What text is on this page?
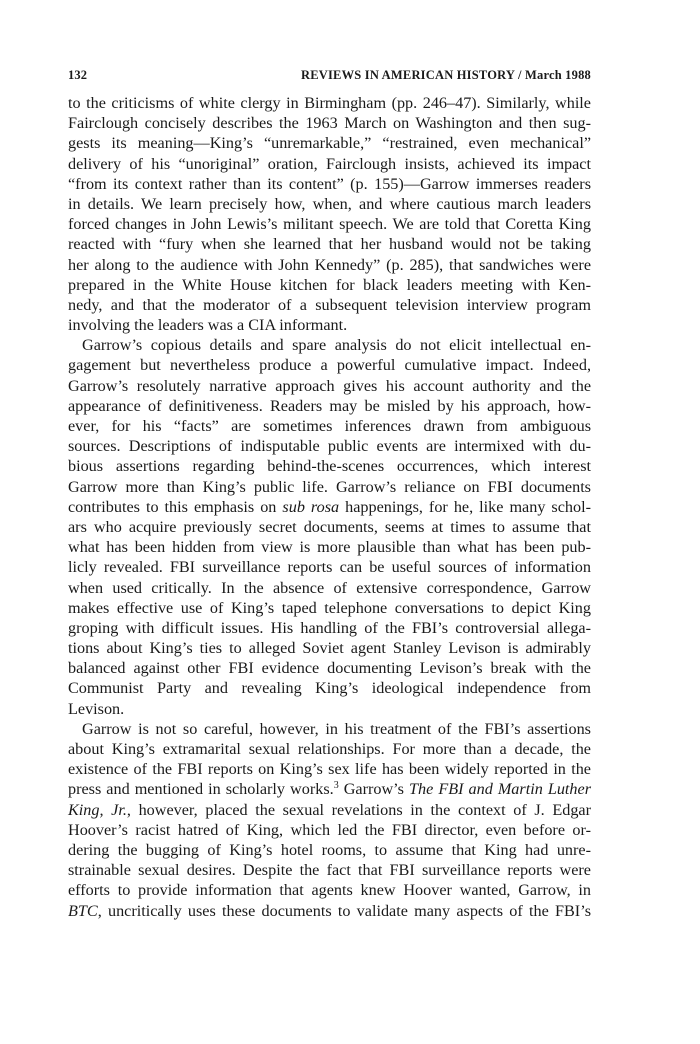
132	REVIEWS IN AMERICAN HISTORY / March 1988
to the criticisms of white clergy in Birmingham (pp. 246–47). Similarly, while
Fairclough concisely describes the 1963 March on Washington and then sug-
gests its meaning—King’s “unremarkable,” “restrained, even mechanical”
delivery of his “unoriginal” oration, Fairclough insists, achieved its impact
“from its context rather than its content” (p. 155)—Garrow immerses readers
in details. We learn precisely how, when, and where cautious march leaders
forced changes in John Lewis’s militant speech. We are told that Coretta King
reacted with “fury when she learned that her husband would not be taking
her along to the audience with John Kennedy” (p. 285), that sandwiches were
prepared in the White House kitchen for black leaders meeting with Ken-
nedy, and that the moderator of a subsequent television interview program
involving the leaders was a CIA informant.
Garrow’s copious details and spare analysis do not elicit intellectual en-
gagement but nevertheless produce a powerful cumulative impact. Indeed,
Garrow’s resolutely narrative approach gives his account authority and the
appearance of definitiveness. Readers may be misled by his approach, how-
ever, for his “facts” are sometimes inferences drawn from ambiguous
sources. Descriptions of indisputable public events are intermixed with du-
bious assertions regarding behind-the-scenes occurrences, which interest
Garrow more than King’s public life. Garrow’s reliance on FBI documents
contributes to this emphasis on sub rosa happenings, for he, like many schol-
ars who acquire previously secret documents, seems at times to assume that
what has been hidden from view is more plausible than what has been pub-
licly revealed. FBI surveillance reports can be useful sources of information
when used critically. In the absence of extensive correspondence, Garrow
makes effective use of King’s taped telephone conversations to depict King
groping with difficult issues. His handling of the FBI’s controversial allega-
tions about King’s ties to alleged Soviet agent Stanley Levison is admirably
balanced against other FBI evidence documenting Levison’s break with the
Communist Party and revealing King’s ideological independence from
Levison.
Garrow is not so careful, however, in his treatment of the FBI’s assertions
about King’s extramarital sexual relationships. For more than a decade, the
existence of the FBI reports on King’s sex life has been widely reported in the
press and mentioned in scholarly works.$^3$ Garrow’s The FBI and Martin Luther
King, Jr., however, placed the sexual revelations in the context of J. Edgar
Hoover’s racist hatred of King, which led the FBI director, even before or-
dering the bugging of King’s hotel rooms, to assume that King had unre-
strainable sexual desires. Despite the fact that FBI surveillance reports were
efforts to provide information that agents knew Hoover wanted, Garrow, in
BTC, uncritically uses these documents to validate many aspects of the FBI’s
